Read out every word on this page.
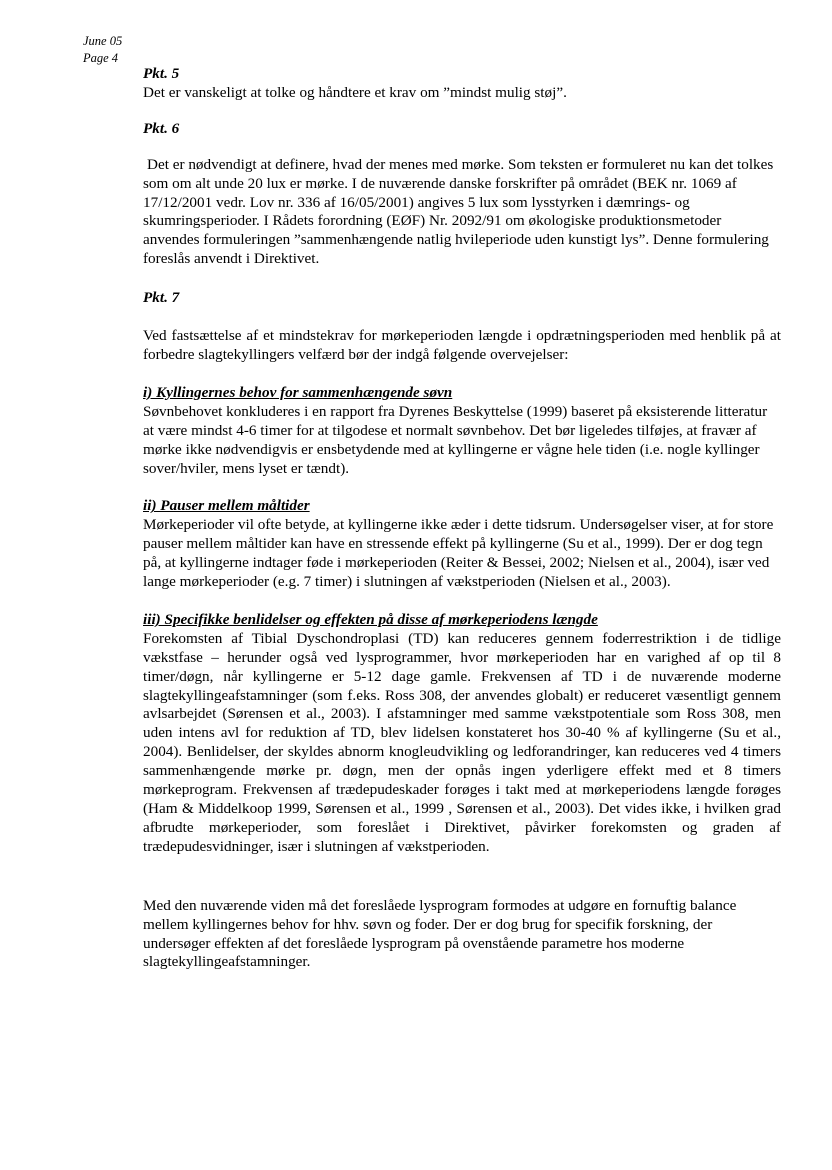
June 05
Page 4

Pkt. 5

Det er vanskeligt at tolke og håndtere et krav om ”mindst mulig støj”.

Pkt. 6

Det er nødvendigt at definere, hvad der menes med mørke. Som teksten er formuleret nu kan det tolkes som om alt unde 20 lux er mørke. I de nuværende danske forskrifter på området (BEK nr. 1069 af 17/12/2001 vedr. Lov nr. 336 af 16/05/2001) angives 5 lux som lysstyrken i dæmrings- og skumringsperioder. I Rådets forordning (EØF) Nr. 2092/91 om økologiske produktionsmetoder anvendes formuleringen ”sammenhængende natlig hvileperiode uden kunstigt lys”. Denne formulering foreslås anvendt i Direktivet.

Pkt. 7

Ved fastsættelse af et mindstekrav for mørkeperioden længde i opdrætningsperioden med henblik på at forbedre slagtekyllingers velfærd bør der indgå følgende overvejelser:

i) Kyllingernes behov for sammenhængende søvn

Søvnbehovet konkluderes i en rapport fra Dyrenes Beskyttelse (1999) baseret på eksisterende litteratur at være mindst 4-6 timer for at tilgodese et normalt søvnbehov. Det bør ligeledes tilføjes, at fravær af mørke ikke nødvendigvis er ensbetydende med at kyllingerne er vågne hele tiden (i.e. nogle kyllinger sover/hviler, mens lyset er tændt).

ii) Pauser mellem måltider

Mørkeperioder vil ofte betyde, at kyllingerne ikke æder i dette tidsrum. Undersøgelser viser, at for store pauser mellem måltider kan have en stressende effekt på kyllingerne (Su et al., 1999). Der er dog tegn på, at kyllingerne indtager føde i mørkeperioden (Reiter & Bessei, 2002; Nielsen et al., 2004), især ved lange mørkeperioder (e.g. 7 timer) i slutningen af vækstperioden (Nielsen et al., 2003).

iii) Specifikke benlidelser og effekten på disse af mørkeperiodens længde

Forekomsten af Tibial Dyschondroplasi (TD) kan reduceres gennem foderrestriktion i de tidlige vækstfase – herunder også ved lysprogrammer, hvor mørkeperioden har en varighed af op til 8 timer/døgn, når kyllingerne er 5-12 dage gamle. Frekvensen af TD i de nuværende moderne slagtekyllingeafstamninger (som f.eks. Ross 308, der anvendes globalt) er reduceret væsentligt gennem avlsarbejdet (Sørensen et al., 2003). I afstamninger med samme vækstpotentiale som Ross 308, men uden intens avl for reduktion af TD, blev lidelsen konstateret hos 30-40 % af kyllingerne (Su et al., 2004). Benlidelser, der skyldes abnorm knogleudvikling og ledforandringer, kan reduceres ved 4 timers sammenhængende mørke pr. døgn, men der opnås ingen yderligere effekt med et 8 timers mørkeprogram. Frekvensen af trædepudeskader forøges i takt med at mørkeperiodens længde forøges (Ham & Middelkoop 1999, Sørensen et al., 1999 , Sørensen et al., 2003). Det vides ikke, i hvilken grad afbrudte mørkeperioder, som foreslået i Direktivet, påvirker forekomsten og graden af trædepudesvidninger, især i slutningen af vækstperioden.

Med den nuværende viden må det foreslåede lysprogram formodes at udgøre en fornuftig balance mellem kyllingernes behov for hhv. søvn og foder. Der er dog brug for specifik forskning, der undersøger effekten af det foreslåede lysprogram på ovenstående parametre hos moderne slagtekyllingeafstamninger.
